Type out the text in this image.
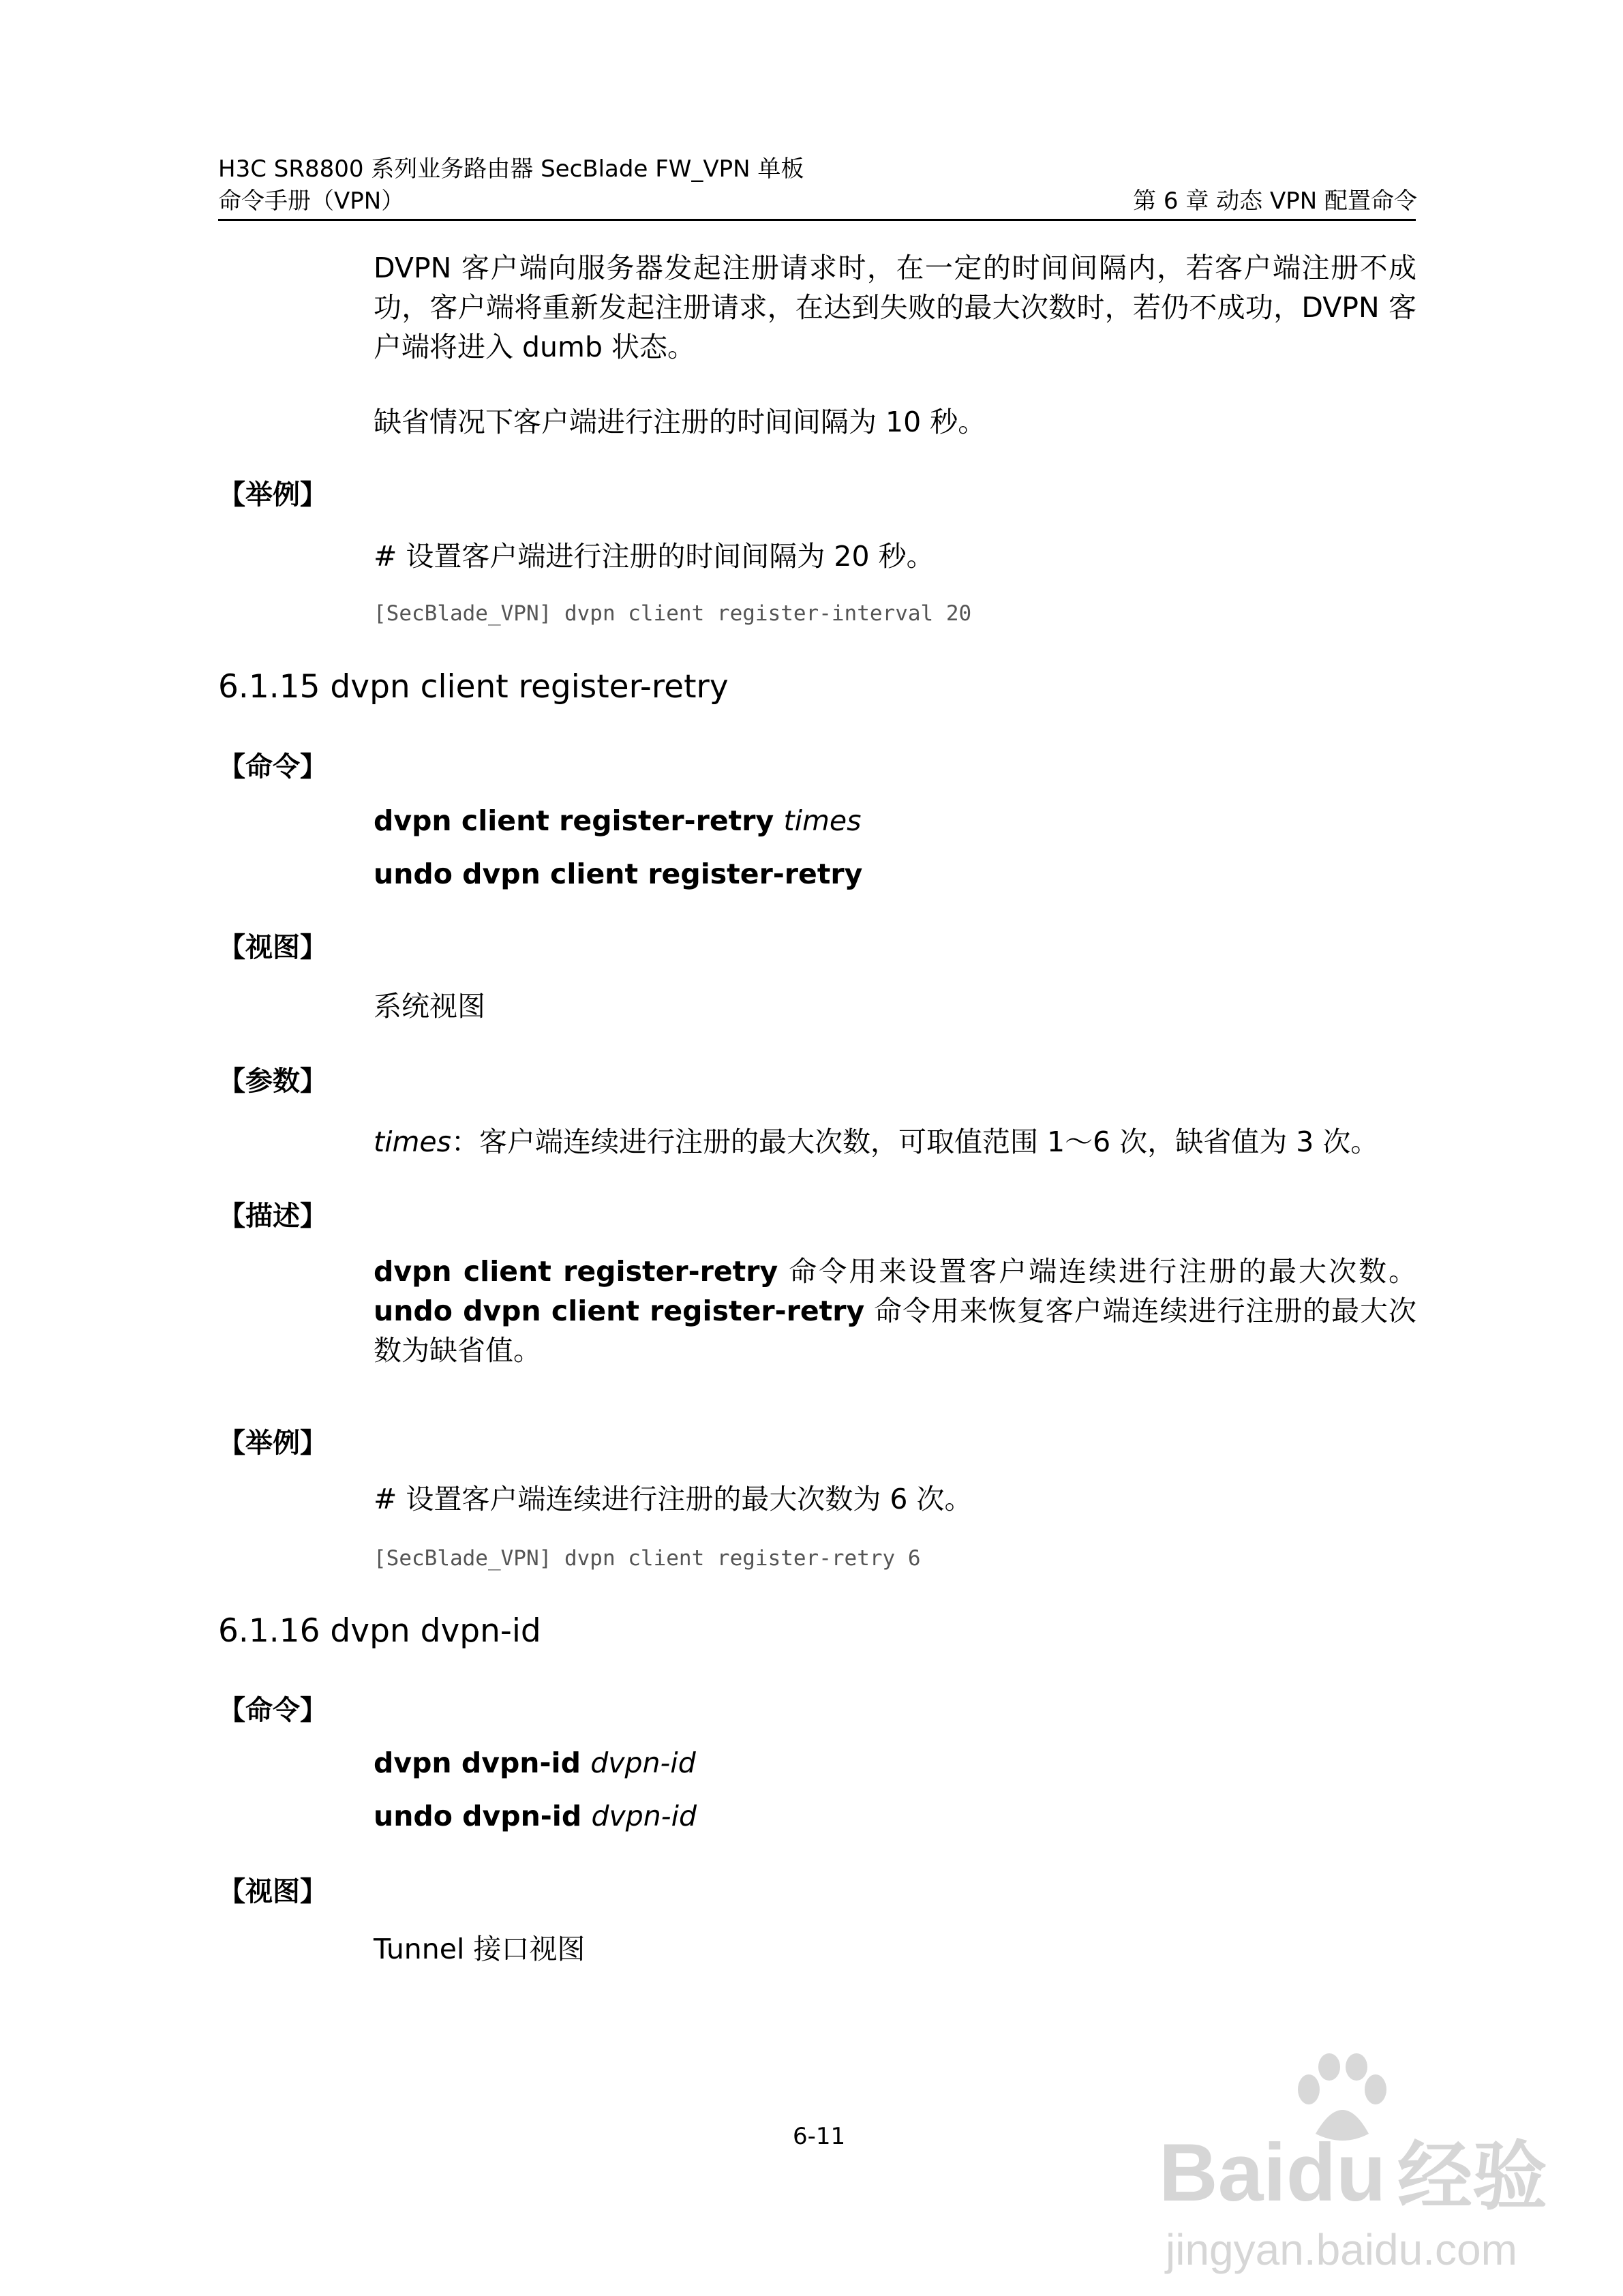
H3C SR8800 系列业务路由器 SecBlade FW_VPN 单板
命令手册（VPN）	第 6 章 动态 VPN 配置命令
DVPN 客户端向服务器发起注册请求时，在一定的时间间隔内，若客户端注册不成功，客户端将重新发起注册请求，在达到失败的最大次数时，若仍不成功，DVPN 客户端将进入 dumb 状态。
缺省情况下客户端进行注册的时间间隔为 10 秒。
【举例】
# 设置客户端进行注册的时间间隔为 20 秒。
[SecBlade_VPN] dvpn client register-interval 20
6.1.15 dvpn client register-retry
【命令】
dvpn client register-retry times
undo dvpn client register-retry
【视图】
系统视图
【参数】
times：客户端连续进行注册的最大次数，可取值范围 1～6 次，缺省值为 3 次。
【描述】
dvpn client register-retry 命令用来设置客户端连续进行注册的最大次数。undo dvpn client register-retry 命令用来恢复客户端连续进行注册的最大次数为缺省值。
【举例】
# 设置客户端连续进行注册的最大次数为 6 次。
[SecBlade_VPN] dvpn client register-retry 6
6.1.16 dvpn dvpn-id
【命令】
dvpn dvpn-id dvpn-id
undo dvpn-id dvpn-id
【视图】
Tunnel 接口视图
6-11	Baidu 经验
jingyan.baidu.com
